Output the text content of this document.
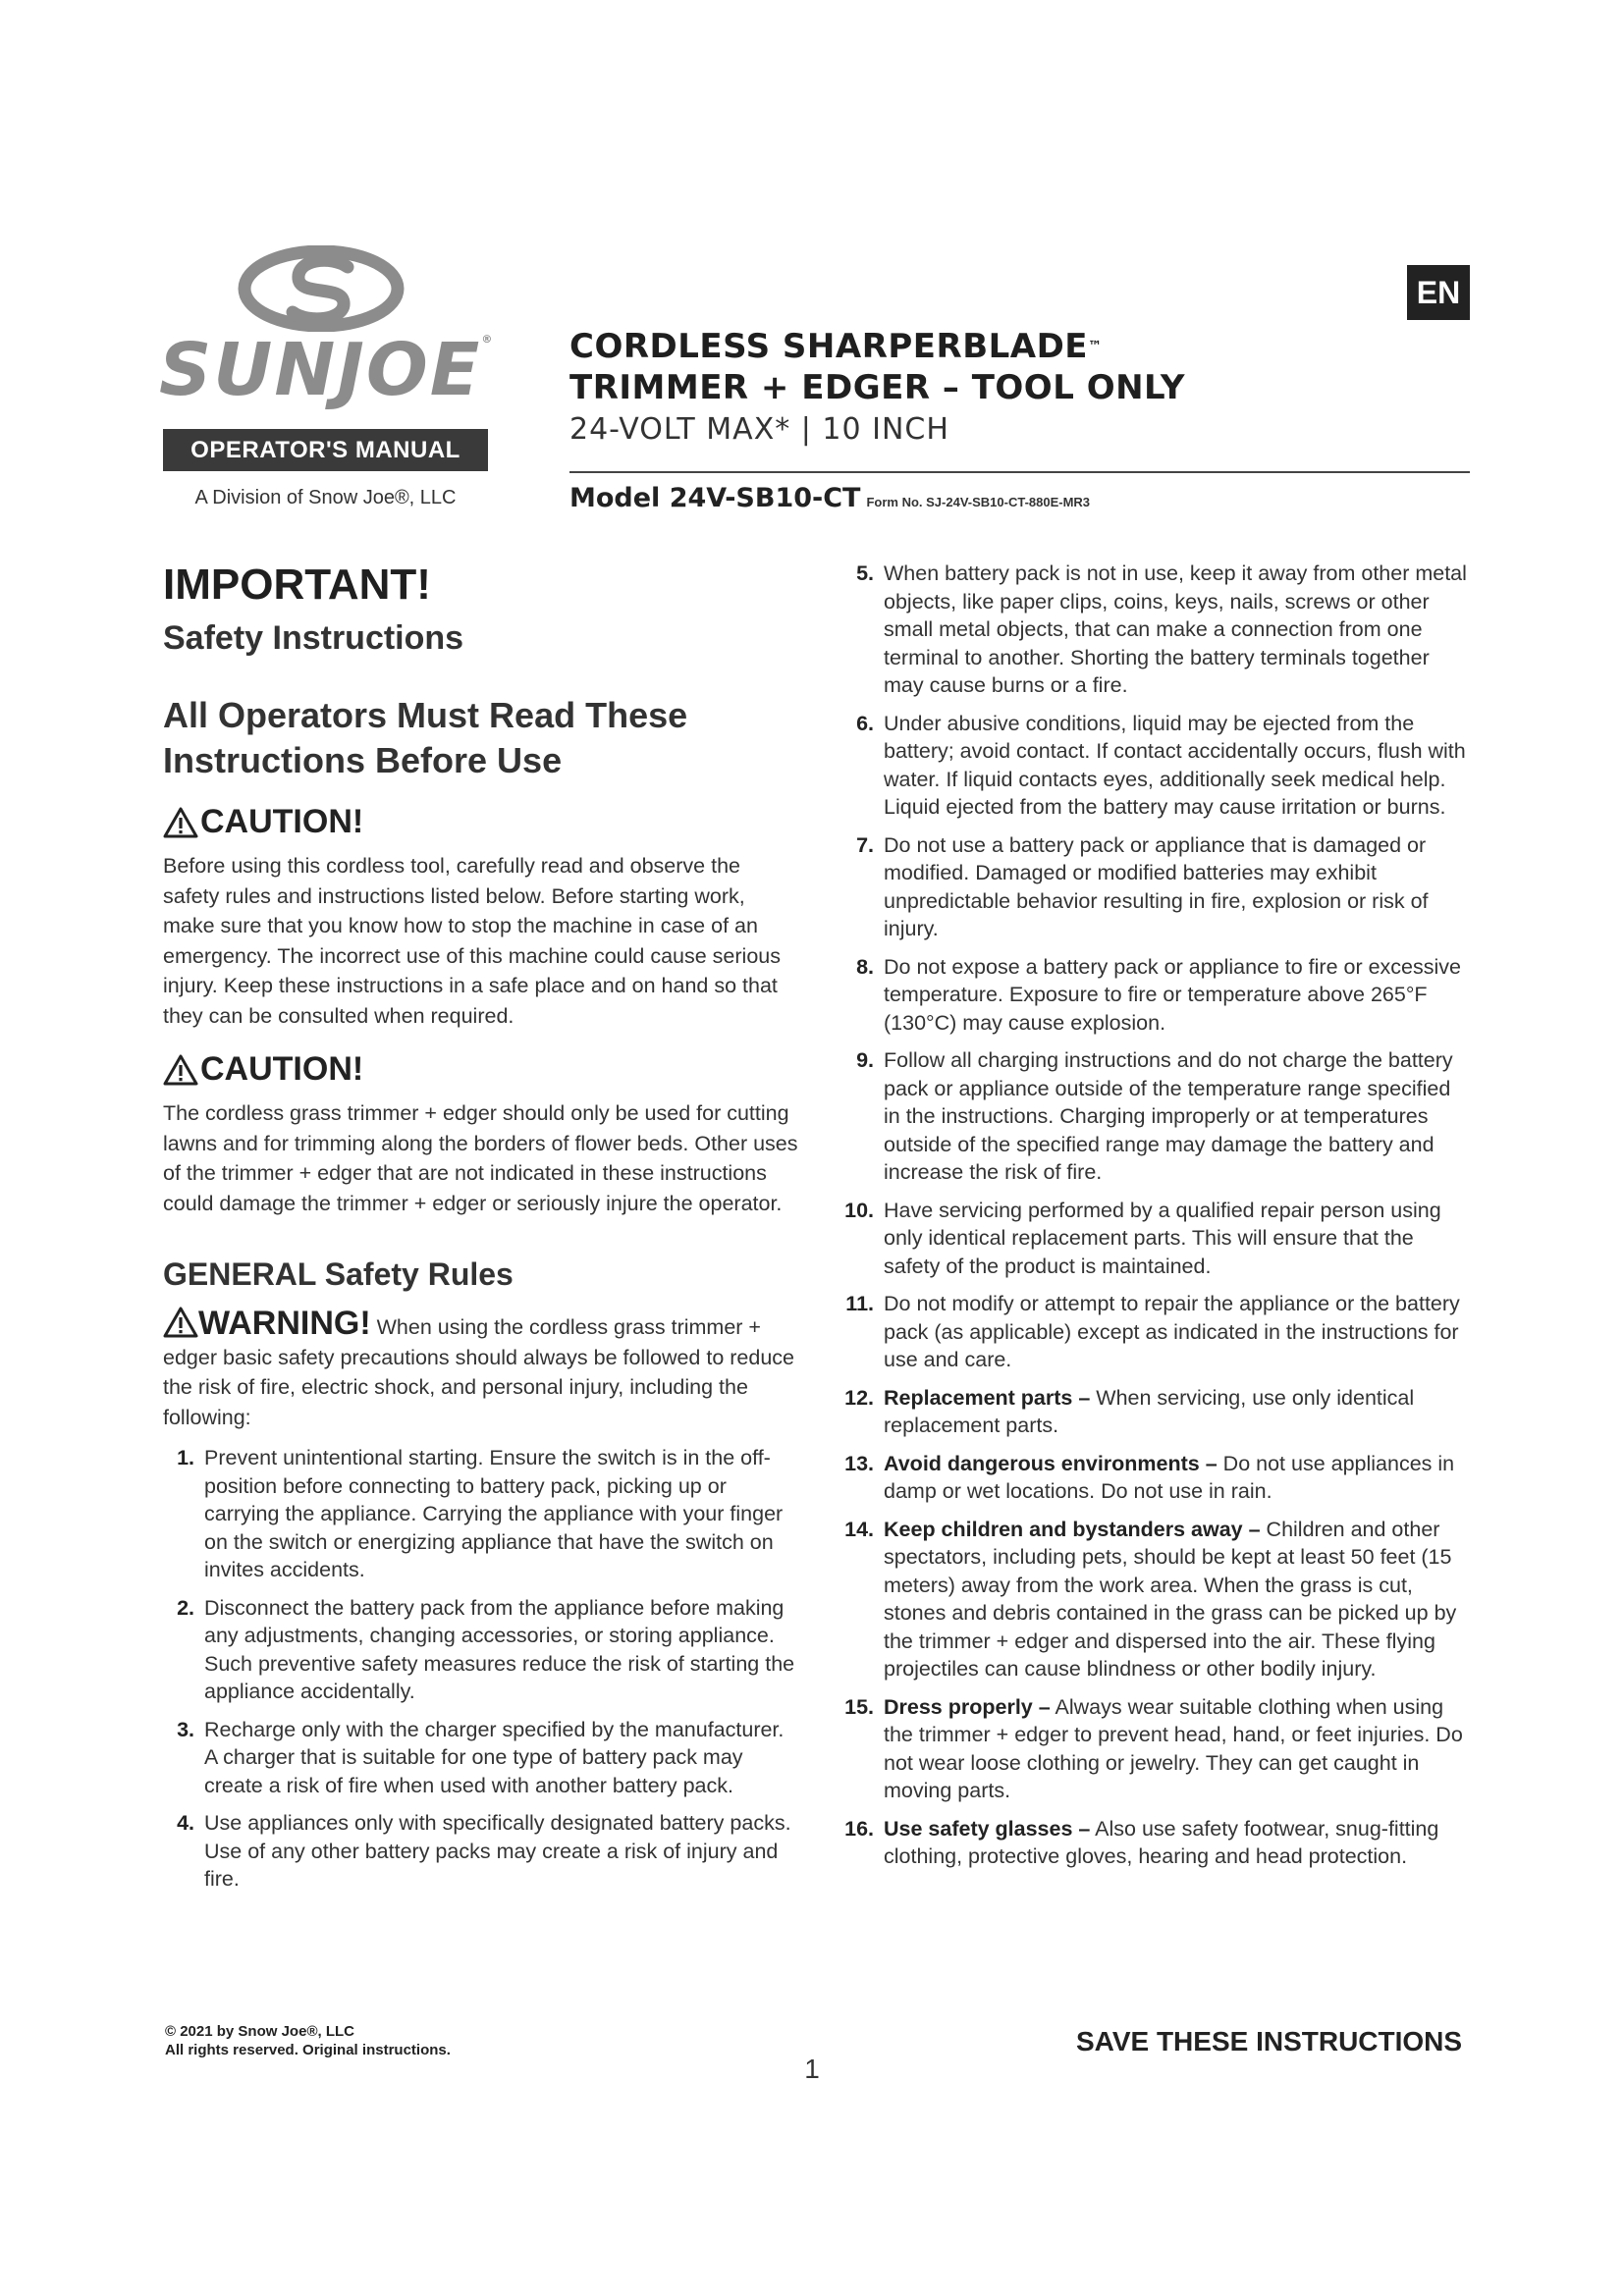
SUNJOE®
OPERATOR'S MANUAL
A Division of Snow Joe®, LLC
EN
CORDLESS SHARPERBLADE™
TRIMMER + EDGER – TOOL ONLY
24-VOLT MAX* | 10 INCH
Model 24V-SB10-CT Form No. SJ-24V-SB10-CT-880E-MR3
IMPORTANT!
Safety Instructions
All Operators Must Read These Instructions Before Use
CAUTION!
Before using this cordless tool, carefully read and observe the safety rules and instructions listed below. Before starting work, make sure that you know how to stop the machine in case of an emergency. The incorrect use of this machine could cause serious injury. Keep these instructions in a safe place and on hand so that they can be consulted when required.
CAUTION!
The cordless grass trimmer + edger should only be used for cutting lawns and for trimming along the borders of flower beds. Other uses of the trimmer + edger that are not indicated in these instructions could damage the trimmer + edger or seriously injure the operator.
GENERAL Safety Rules
WARNING! When using the cordless grass trimmer + edger basic safety precautions should always be followed to reduce the risk of fire, electric shock, and personal injury, including the following:
1. Prevent unintentional starting. Ensure the switch is in the off-position before connecting to battery pack, picking up or carrying the appliance. Carrying the appliance with your finger on the switch or energizing appliance that have the switch on invites accidents.
2. Disconnect the battery pack from the appliance before making any adjustments, changing accessories, or storing appliance. Such preventive safety measures reduce the risk of starting the appliance accidentally.
3. Recharge only with the charger specified by the manufacturer. A charger that is suitable for one type of battery pack may create a risk of fire when used with another battery pack.
4. Use appliances only with specifically designated battery packs. Use of any other battery packs may create a risk of injury and fire.
5. When battery pack is not in use, keep it away from other metal objects, like paper clips, coins, keys, nails, screws or other small metal objects, that can make a connection from one terminal to another. Shorting the battery terminals together may cause burns or a fire.
6. Under abusive conditions, liquid may be ejected from the battery; avoid contact. If contact accidentally occurs, flush with water. If liquid contacts eyes, additionally seek medical help. Liquid ejected from the battery may cause irritation or burns.
7. Do not use a battery pack or appliance that is damaged or modified. Damaged or modified batteries may exhibit unpredictable behavior resulting in fire, explosion or risk of injury.
8. Do not expose a battery pack or appliance to fire or excessive temperature. Exposure to fire or temperature above 265°F (130°C) may cause explosion.
9. Follow all charging instructions and do not charge the battery pack or appliance outside of the temperature range specified in the instructions. Charging improperly or at temperatures outside of the specified range may damage the battery and increase the risk of fire.
10. Have servicing performed by a qualified repair person using only identical replacement parts. This will ensure that the safety of the product is maintained.
11. Do not modify or attempt to repair the appliance or the battery pack (as applicable) except as indicated in the instructions for use and care.
12. Replacement parts – When servicing, use only identical replacement parts.
13. Avoid dangerous environments – Do not use appliances in damp or wet locations. Do not use in rain.
14. Keep children and bystanders away – Children and other spectators, including pets, should be kept at least 50 feet (15 meters) away from the work area. When the grass is cut, stones and debris contained in the grass can be picked up by the trimmer + edger and dispersed into the air. These flying projectiles can cause blindness or other bodily injury.
15. Dress properly – Always wear suitable clothing when using the trimmer + edger to prevent head, hand, or feet injuries. Do not wear loose clothing or jewelry. They can get caught in moving parts.
16. Use safety glasses – Also use safety footwear, snug-fitting clothing, protective gloves, hearing and head protection.
© 2021 by Snow Joe®, LLC
All rights reserved. Original instructions.	SAVE THESE INSTRUCTIONS
1
